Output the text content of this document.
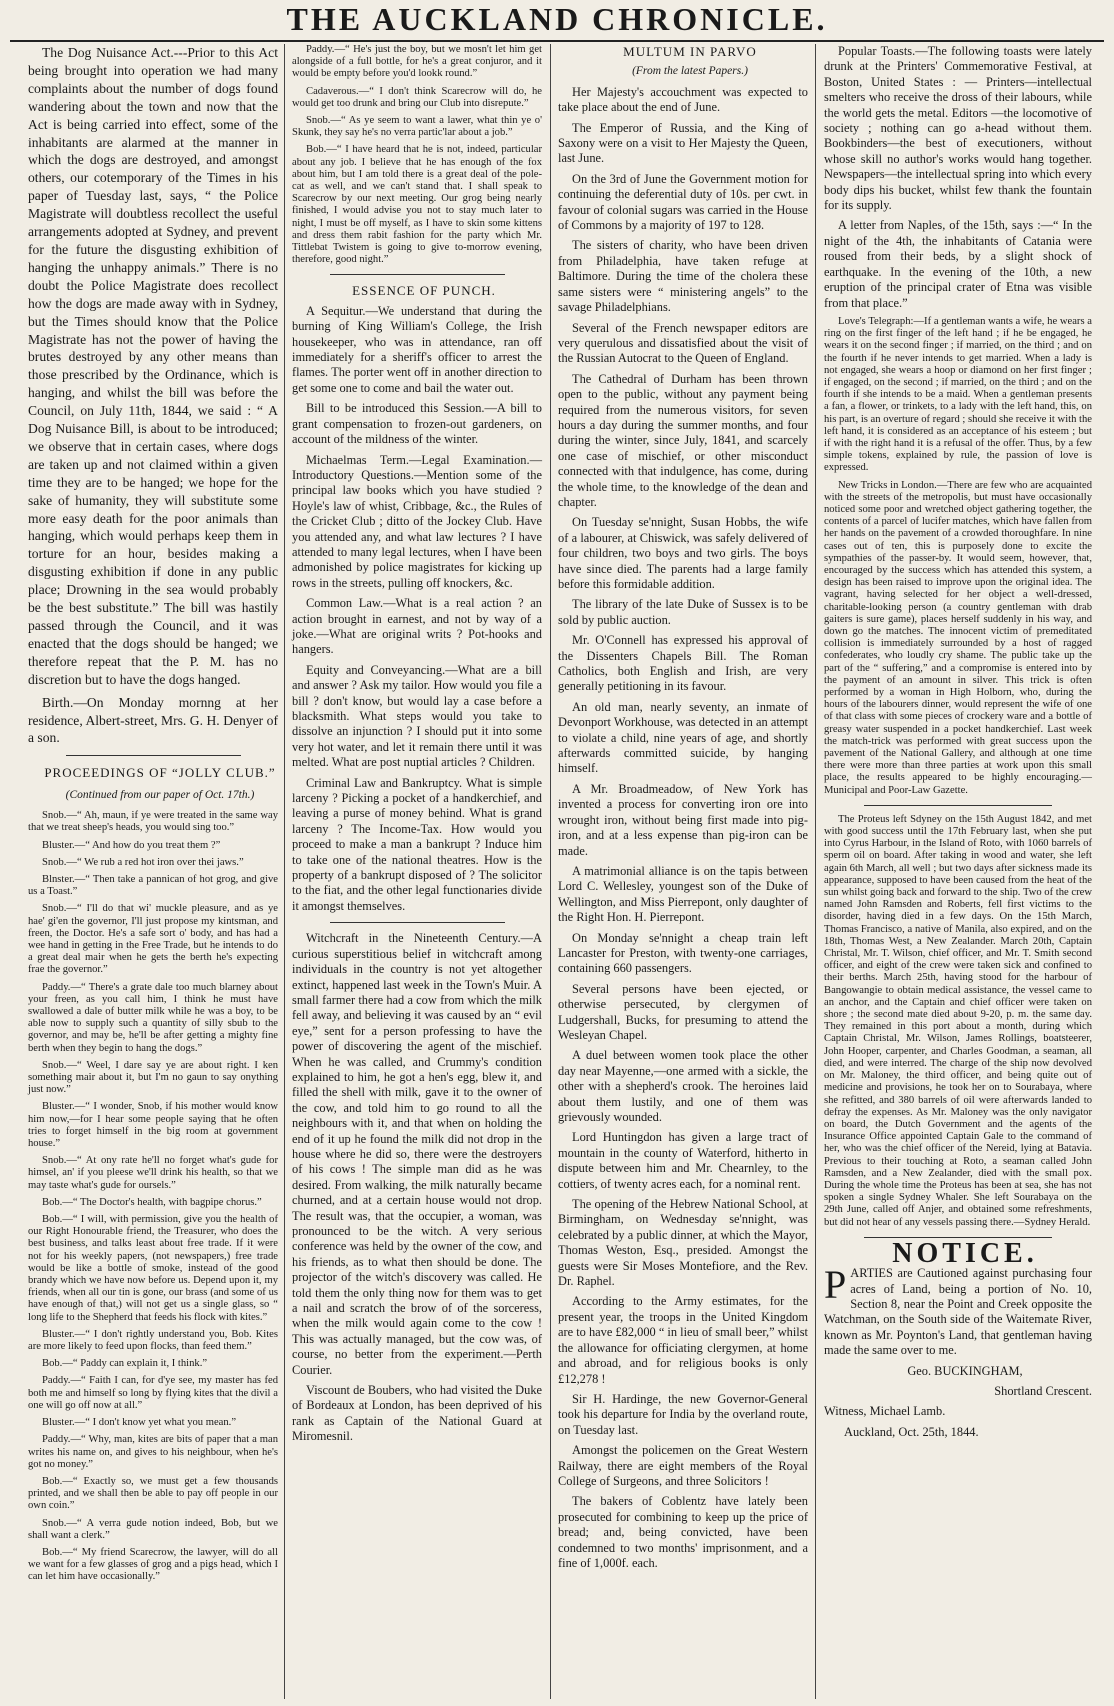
THE AUCKLAND CHRONICLE.

The Dog Nuisance Act.---Prior to this Act being brought into operation we had many complaints about the number of dogs found wandering about the town and now that the Act is being carried into effect, some of the inhabitants are alarmed at the manner in which the dogs are destroyed, and amongst others, our cotemporary of the Times in his paper of Tuesday last, says, “ the Police Magistrate will doubtless recollect the useful arrangements adopted at Sydney, and prevent for the future the disgusting exhibition of hanging the unhappy animals.” There is no doubt the Police Magistrate does recollect how the dogs are made away with in Sydney, but the Times should know that the Police Magistrate has not the power of having the brutes destroyed by any other means than those prescribed by the Ordinance, which is hanging, and whilst the bill was before the Council, on July 11th, 1844, we said : “ A Dog Nuisance Bill, is about to be introduced; we observe that in certain cases, where dogs are taken up and not claimed within a given time they are to be hanged; we hope for the sake of humanity, they will substitute some more easy death for the poor animals than hanging, which would perhaps keep them in torture for an hour, besides making a disgusting exhibition if done in any public place; Drowning in the sea would probably be the best substitute.” The bill was hastily passed through the Council, and it was enacted that the dogs should be hanged; we therefore repeat that the P. M. has no discretion but to have the dogs hanged.

Birth.—On Monday mornng at her residence, Albert-street, Mrs. G. H. Denyer of a son.

PROCEEDINGS OF “JOLLY CLUB.”

(Continued from our paper of Oct. 17th.)

Snob.—“ Ah, maun, if ye were treated in the same way that we treat sheep's heads, you would sing too.”

Bluster.—“ And how do you treat them ?”

Snob.—“ We rub a red hot iron over thei jaws.”

Blnster.—“ Then take a pannican of hot grog, and give us a Toast.”

Snob.—“ I'll do that wi' muckle pleasure, and as ye hae' gi'en the governor, I'll just propose my kintsman, and freen, the Doctor. He's a safe sort o' body, and has had a wee hand in getting in the Free Trade, but he intends to do a great deal mair when he gets the berth he's expecting frae the governor.”

Paddy.—“ There's a grate dale too much blarney about your freen, as you call him, I think he must have swallowed a dale of butter milk while he was a boy, to be able now to supply such a quantity of silly sbub to the governor, and may be, he'll be after getting a mighty fine berth when they begin to hang the dogs.”

Snob.—“ Weel, I dare say ye are about right. I ken something mair about it, but I'm no gaun to say onything just now.”

Bluster.—“ I wonder, Snob, if his mother would know him now,—for I hear some people saying that he often tries to forget himself in the big room at government house.”

Snob.—“ At ony rate he'll no forget what's gude for himsel, an' if you pleese we'll drink his health, so that we may taste what's gude for oursels.”

Bob.—“ The Doctor's health, with bagpipe chorus.”

Bob.—“ I will, with permission, give you the health of our Right Honourable friend, the Treasurer, who does the best business, and talks least about free trade. If it were not for his weekly papers, (not newspapers,) free trade would be like a bottle of smoke, instead of the good brandy which we have now before us. Depend upon it, my friends, when all our tin is gone, our brass (and some of us have enough of that,) will not get us a single glass, so “ long life to the Shepherd that feeds his flock with kites.”

Bluster.—“ I don't rightly understand you, Bob. Kites are more likely to feed upon flocks, than feed them.”

Bob.—“ Paddy can explain it, I think.”

Paddy.—“ Faith I can, for d'ye see, my master has fed both me and himself so long by flying kites that the divil a one will go off now at all.”

Bluster.—“ I don't know yet what you mean.”

Paddy.—“ Why, man, kites are bits of paper that a man writes his name on, and gives to his neighbour, when he's got no money.”

Bob.—“ Exactly so, we must get a few thousands printed, and we shall then be able to pay off people in our own coin.”

Snob.—“ A verra gude notion indeed, Bob, but we shall want a clerk.”

Bob.—“ My friend Scarecrow, the lawyer, will do all we want for a few glasses of grog and a pigs head, which I can let him have occasionally.”

Paddy.—“ He's just the boy, but we mosn't let him get alongside of a full bottle, for he's a great conjuror, and it would be empty before you'd lookk round.”

Cadaverous.—“ I don't think Scarecrow will do, he would get too drunk and bring our Club into disrepute.”

Snob.—“ As ye seem to want a lawer, what thin ye o' Skunk, they say he's no verra partic'lar about a job.”

Bob.—“ I have heard that he is not, indeed, particular about any job. I believe that he has enough of the fox about him, but I am told there is a great deal of the pole-cat as well, and we can't stand that. I shall speak to Scarecrow by our next meeting. Our grog being nearly finished, I would advise you not to stay much later to night, I must be off myself, as I have to skin some kittens and dress them rabit fashion for the party which Mr. Tittlebat Twistem is going to give to-morrow evening, therefore, good night.”

ESSENCE OF PUNCH.

A Sequitur.—We understand that during the burning of King William's College, the Irish housekeeper, who was in attendance, ran off immediately for a sheriff's officer to arrest the flames. The porter went off in another direction to get some one to come and bail the water out.

Bill to be introduced this Session.—A bill to grant compensation to frozen-out gardeners, on account of the mildness of the winter.

Michaelmas Term.—Legal Examination.—Introductory Questions.—Mention some of the principal law books which you have studied ? Hoyle's law of whist, Cribbage, &c., the Rules of the Cricket Club ; ditto of the Jockey Club. Have you attended any, and what law lectures ? I have attended to many legal lectures, when I have been admonished by police magistrates for kicking up rows in the streets, pulling off knockers, &c.

Common Law.—What is a real action ? an action brought in earnest, and not by way of a joke.—What are original writs ? Pot-hooks and hangers.

Equity and Conveyancing.—What are a bill and answer ? Ask my tailor. How would you file a bill ? don't know, but would lay a case before a blacksmith. What steps would you take to dissolve an injunction ? I should put it into some very hot water, and let it remain there until it was melted. What are post nuptial articles ? Children.

Criminal Law and Bankruptcy. What is simple larceny ? Picking a pocket of a handkerchief, and leaving a purse of money behind. What is grand larceny ? The Income-Tax. How would you proceed to make a man a bankrupt ? Induce him to take one of the national theatres. How is the property of a bankrupt disposed of ? The solicitor to the fiat, and the other legal functionaries divide it amongst themselves.

Witchcraft in the Nineteenth Century.—A curious superstitious belief in witchcraft among individuals in the country is not yet altogether extinct, happened last week in the Town's Muir. A small farmer there had a cow from which the milk fell away, and believing it was caused by an “ evil eye,” sent for a person professing to have the power of discovering the agent of the mischief. When he was called, and Crummy's condition explained to him, he got a hen's egg, blew it, and filled the shell with milk, gave it to the owner of the cow, and told him to go round to all the neighbours with it, and that when on holding the end of it up he found the milk did not drop in the house where he did so, there were the destroyers of his cows ! The simple man did as he was desired. From walking, the milk naturally became churned, and at a certain house would not drop. The result was, that the occupier, a woman, was pronounced to be the witch. A very serious conference was held by the owner of the cow, and his friends, as to what then should be done. The projector of the witch's discovery was called. He told them the only thing now for them was to get a nail and scratch the brow of of the sorceress, when the milk would again come to the cow ! This was actually managed, but the cow was, of course, no better from the experiment.—Perth Courier.

Viscount de Boubers, who had visited the Duke of Bordeaux at London, has been deprived of his rank as Captain of the National Guard at Miromesnil.

MULTUM IN PARVO

(From the latest Papers.)

Her Majesty's accouchment was expected to take place about the end of June.

The Emperor of Russia, and the King of Saxony were on a visit to Her Majesty the Queen, last June.

On the 3rd of June the Government motion for continuing the deferential duty of 10s. per cwt. in favour of colonial sugars was carried in the House of Commons by a majority of 197 to 128.

The sisters of charity, who have been driven from Philadelphia, have taken refuge at Baltimore. During the time of the cholera these same sisters were “ ministering angels” to the savage Philadelphians.

Several of the French newspaper editors are very querulous and dissatisfied about the visit of the Russian Autocrat to the Queen of England.

The Cathedral of Durham has been thrown open to the public, without any payment being required from the numerous visitors, for seven hours a day during the summer months, and four during the winter, since July, 1841, and scarcely one case of mischief, or other misconduct connected with that indulgence, has come, during the whole time, to the knowledge of the dean and chapter.

On Tuesday se'nnight, Susan Hobbs, the wife of a labourer, at Chiswick, was safely delivered of four children, two boys and two girls. The boys have since died. The parents had a large family before this formidable addition.

The library of the late Duke of Sussex is to be sold by public auction.

Mr. O'Connell has expressed his approval of the Dissenters Chapels Bill. The Roman Catholics, both English and Irish, are very generally petitioning in its favour.

An old man, nearly seventy, an inmate of Devonport Workhouse, was detected in an attempt to violate a child, nine years of age, and shortly afterwards committed suicide, by hanging himself.

A Mr. Broadmeadow, of New York has invented a process for converting iron ore into wrought iron, without being first made into pig-iron, and at a less expense than pig-iron can be made.

A matrimonial alliance is on the tapis between Lord C. Wellesley, youngest son of the Duke of Wellington, and Miss Pierrepont, only daughter of the Right Hon. H. Pierrepont.

On Monday se'nnight a cheap train left Lancaster for Preston, with twenty-one carriages, containing 660 passengers.

Several persons have been ejected, or otherwise persecuted, by clergymen of Ludgershall, Bucks, for presuming to attend the Wesleyan Chapel.

A duel between women took place the other day near Mayenne,—one armed with a sickle, the other with a shepherd's crook. The heroines laid about them lustily, and one of them was grievously wounded.

Lord Huntingdon has given a large tract of mountain in the county of Waterford, hitherto in dispute between him and Mr. Chearnley, to the cottiers, of twenty acres each, for a nominal rent.

The opening of the Hebrew National School, at Birmingham, on Wednesday se'nnight, was celebrated by a public dinner, at which the Mayor, Thomas Weston, Esq., presided. Amongst the guests were Sir Moses Montefiore, and the Rev. Dr. Raphel.

According to the Army estimates, for the present year, the troops in the United Kingdom are to have £82,000 “ in lieu of small beer,” whilst the allowance for officiating clergymen, at home and abroad, and for religious books is only £12,278 !

Sir H. Hardinge, the new Governor-General took his departure for India by the overland route, on Tuesday last.

Amongst the policemen on the Great Western Railway, there are eight members of the Royal College of Surgeons, and three Solicitors !

The bakers of Coblentz have lately been prosecuted for combining to keep up the price of bread; and, being convicted, have been condemned to two months' imprisonment, and a fine of 1,000f. each.

Popular Toasts.—The following toasts were lately drunk at the Printers' Commemorative Festival, at Boston, United States : — Printers—intellectual smelters who receive the dross of their labours, while the world gets the metal. Editors —the locomotive of society ; nothing can go a-head without them. Bookbinders—the best of executioners, without whose skill no author's works would hang together. Newspapers—the intellectual spring into which every body dips his bucket, whilst few thank the fountain for its supply.

A letter from Naples, of the 15th, says :—“ In the night of the 4th, the inhabitants of Catania were roused from their beds, by a slight shock of earthquake. In the evening of the 10th, a new eruption of the principal crater of Etna was visible from that place.”

Love's Telegraph:—If a gentleman wants a wife, he wears a ring on the first finger of the left hand ; if he be engaged, he wears it on the second finger ; if married, on the third ; and on the fourth if he never intends to get married. When a lady is not engaged, she wears a hoop or diamond on her first finger ; if engaged, on the second ; if married, on the third ; and on the fourth if she intends to be a maid. When a gentleman presents a fan, a flower, or trinkets, to a lady with the left hand, this, on his part, is an overture of regard ; should she receive it with the left hand, it is considered as an acceptance of his esteem ; but if with the right hand it is a refusal of the offer. Thus, by a few simple tokens, explained by rule, the passion of love is expressed.

New Tricks in London.—There are few who are acquainted with the streets of the metropolis, but must have occasionally noticed some poor and wretched object gathering together, the contents of a parcel of lucifer matches, which have fallen from her hands on the pavement of a crowded thoroughfare. In nine cases out of ten, this is purposely done to excite the sympathies of the passer-by. It would seem, however, that, encouraged by the success which has attended this system, a design has been raised to improve upon the original idea. The vagrant, having selected for her object a well-dressed, charitable-looking person (a country gentleman with drab gaiters is sure game), places herself suddenly in his way, and down go the matches. The innocent victim of premeditated collision is immediately surrounded by a host of ragged confederates, who loudly cry shame. The public take up the part of the “ suffering,” and a compromise is entered into by the payment of an amount in silver. This trick is often performed by a woman in High Holborn, who, during the hours of the labourers dinner, would represent the wife of one of that class with some pieces of crockery ware and a bottle of greasy water suspended in a pocket handkerchief. Last week the match-trick was performed with great success upon the pavement of the National Gallery, and although at one time there were more than three parties at work upon this small place, the results appeared to be highly encouraging.—Municipal and Poor-Law Gazette.

The Proteus left Sdyney on the 15th August 1842, and met with good success until the 17th February last, when she put into Cyrus Harbour, in the Island of Roto, with 1060 barrels of sperm oil on board. After taking in wood and water, she left again 6th March, all well ; but two days after sickness made its appearance, supposed to have been caused from the heat of the sun whilst going back and forward to the ship. Two of the crew named John Ramsden and Roberts, fell first victims to the disorder, having died in a few days. On the 15th March, Thomas Francisco, a native of Manila, also expired, and on the 18th, Thomas West, a New Zealander. March 20th, Captain Christal, Mr. T. Wilson, chief officer, and Mr. T. Smith second officer, and eight of the crew were taken sick and confined to their berths. March 25th, having stood for the harbour of Bangowangie to obtain medical assistance, the vessel came to an anchor, and the Captain and chief officer were taken on shore ; the second mate died about 9-20, p. m. the same day. They remained in this port about a month, during which Captain Christal, Mr. Wilson, James Rollings, boatsteerer, John Hooper, carpenter, and Charles Goodman, a seaman, all died, and were interred. The charge of the ship now devolved on Mr. Maloney, the third officer, and being quite out of medicine and provisions, he took her on to Sourabaya, where she refitted, and 380 barrels of oil were afterwards landed to defray the expenses. As Mr. Maloney was the only navigator on board, the Dutch Government and the agents of the Insurance Office appointed Captain Gale to the command of her, who was the chief officer of the Nereid, lying at Batavia. Previous to their touching at Roto, a seaman called John Ramsden, and a New Zealander, died with the small pox. During the whole time the Proteus has been at sea, she has not spoken a single Sydney Whaler. She left Sourabaya on the 29th June, called off Anjer, and obtained some refreshments, but did not hear of any vessels passing there.—Sydney Herald.

NOTICE.

PARTIES are Cautioned against purchasing four acres of Land, being a portion of No. 10, Section 8, near the Point and Creek opposite the Watchman, on the South side of the Waitemate River, known as Mr. Poynton's Land, that gentleman having made the same over to me.

Geo. BUCKINGHAM,

Shortland Crescent.

Witness, Michael Lamb.

Auckland, Oct. 25th, 1844.
